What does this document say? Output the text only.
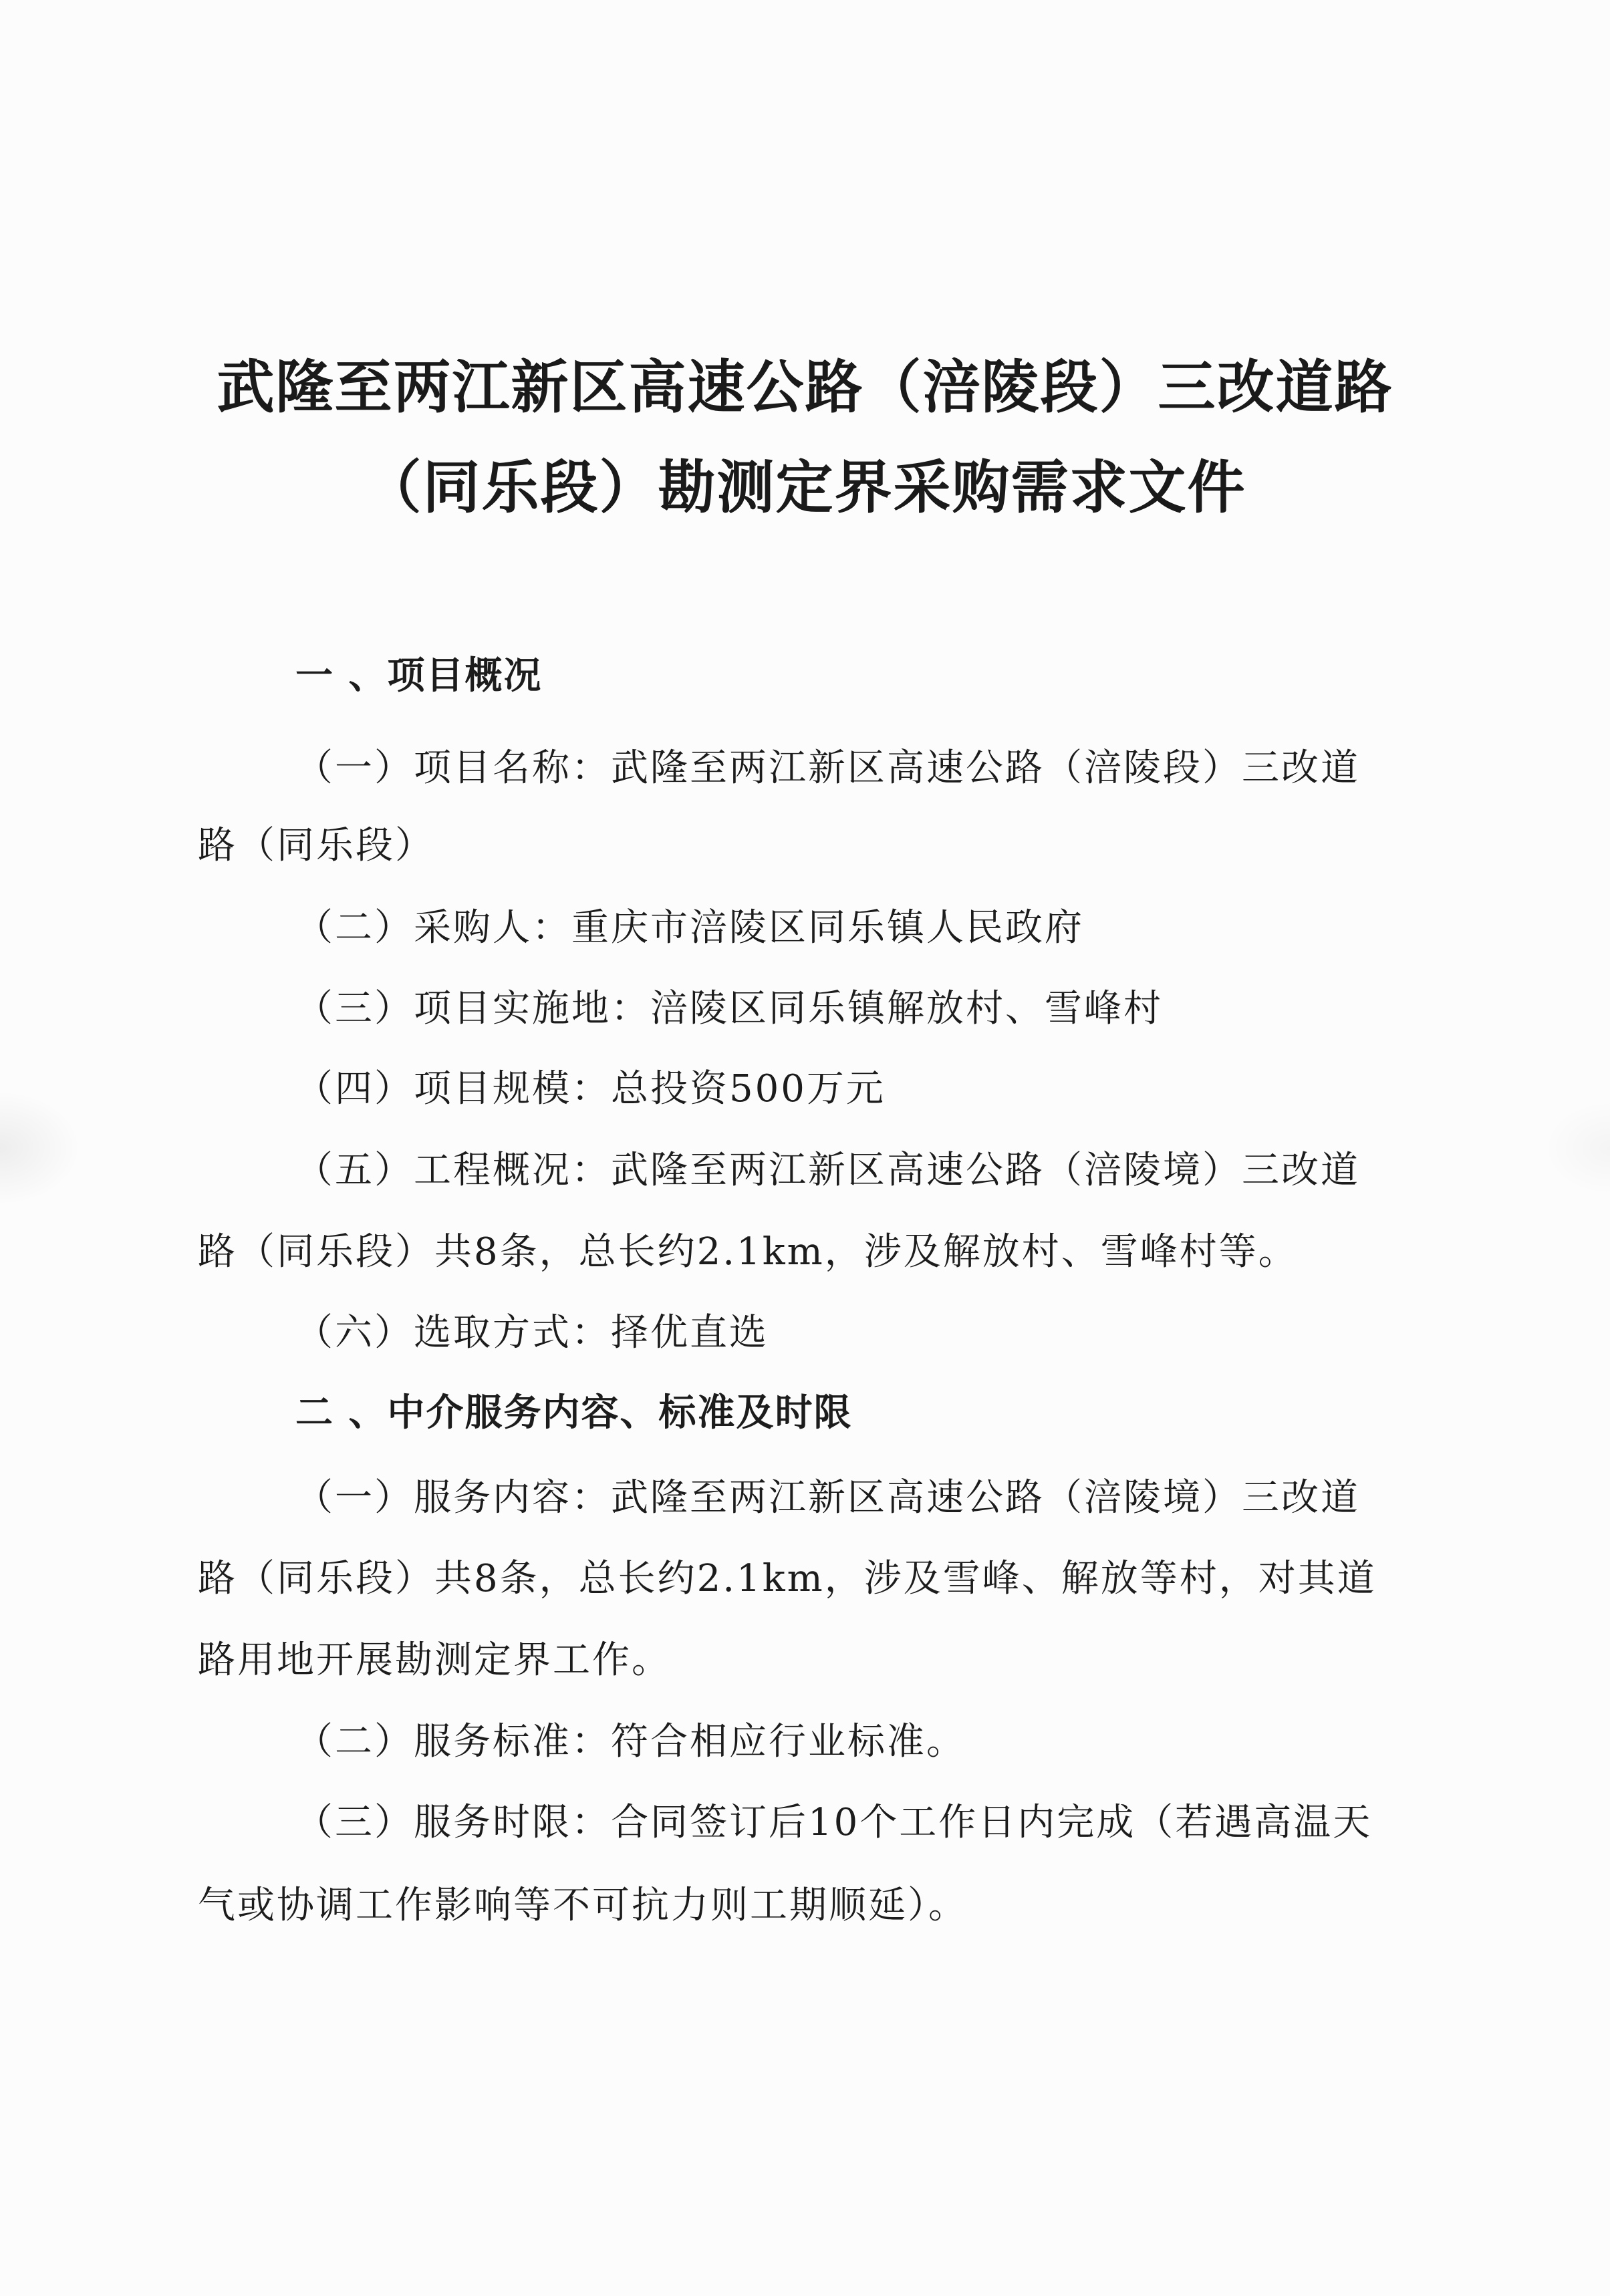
武隆至两江新区高速公路（涪陵段）三改道路
（同乐段）勘测定界采购需求文件
一 、项目概况
（一）项目名称：武隆至两江新区高速公路（涪陵段）三改道
路（同乐段）
（二）采购人：重庆市涪陵区同乐镇人民政府
（三）项目实施地：涪陵区同乐镇解放村、雪峰村
（四）项目规模：总投资500万元
（五）工程概况：武隆至两江新区高速公路（涪陵境）三改道
路（同乐段）共8条，总长约2.1km，涉及解放村、雪峰村等。
（六）选取方式：择优直选
二 、中介服务内容、标准及时限
（一）服务内容：武隆至两江新区高速公路（涪陵境）三改道
路（同乐段）共8条，总长约2.1km，涉及雪峰、解放等村，对其道
路用地开展勘测定界工作。
（二）服务标准：符合相应行业标准。
（三）服务时限：合同签订后10个工作日内完成（若遇高温天
气或协调工作影响等不可抗力则工期顺延）。
